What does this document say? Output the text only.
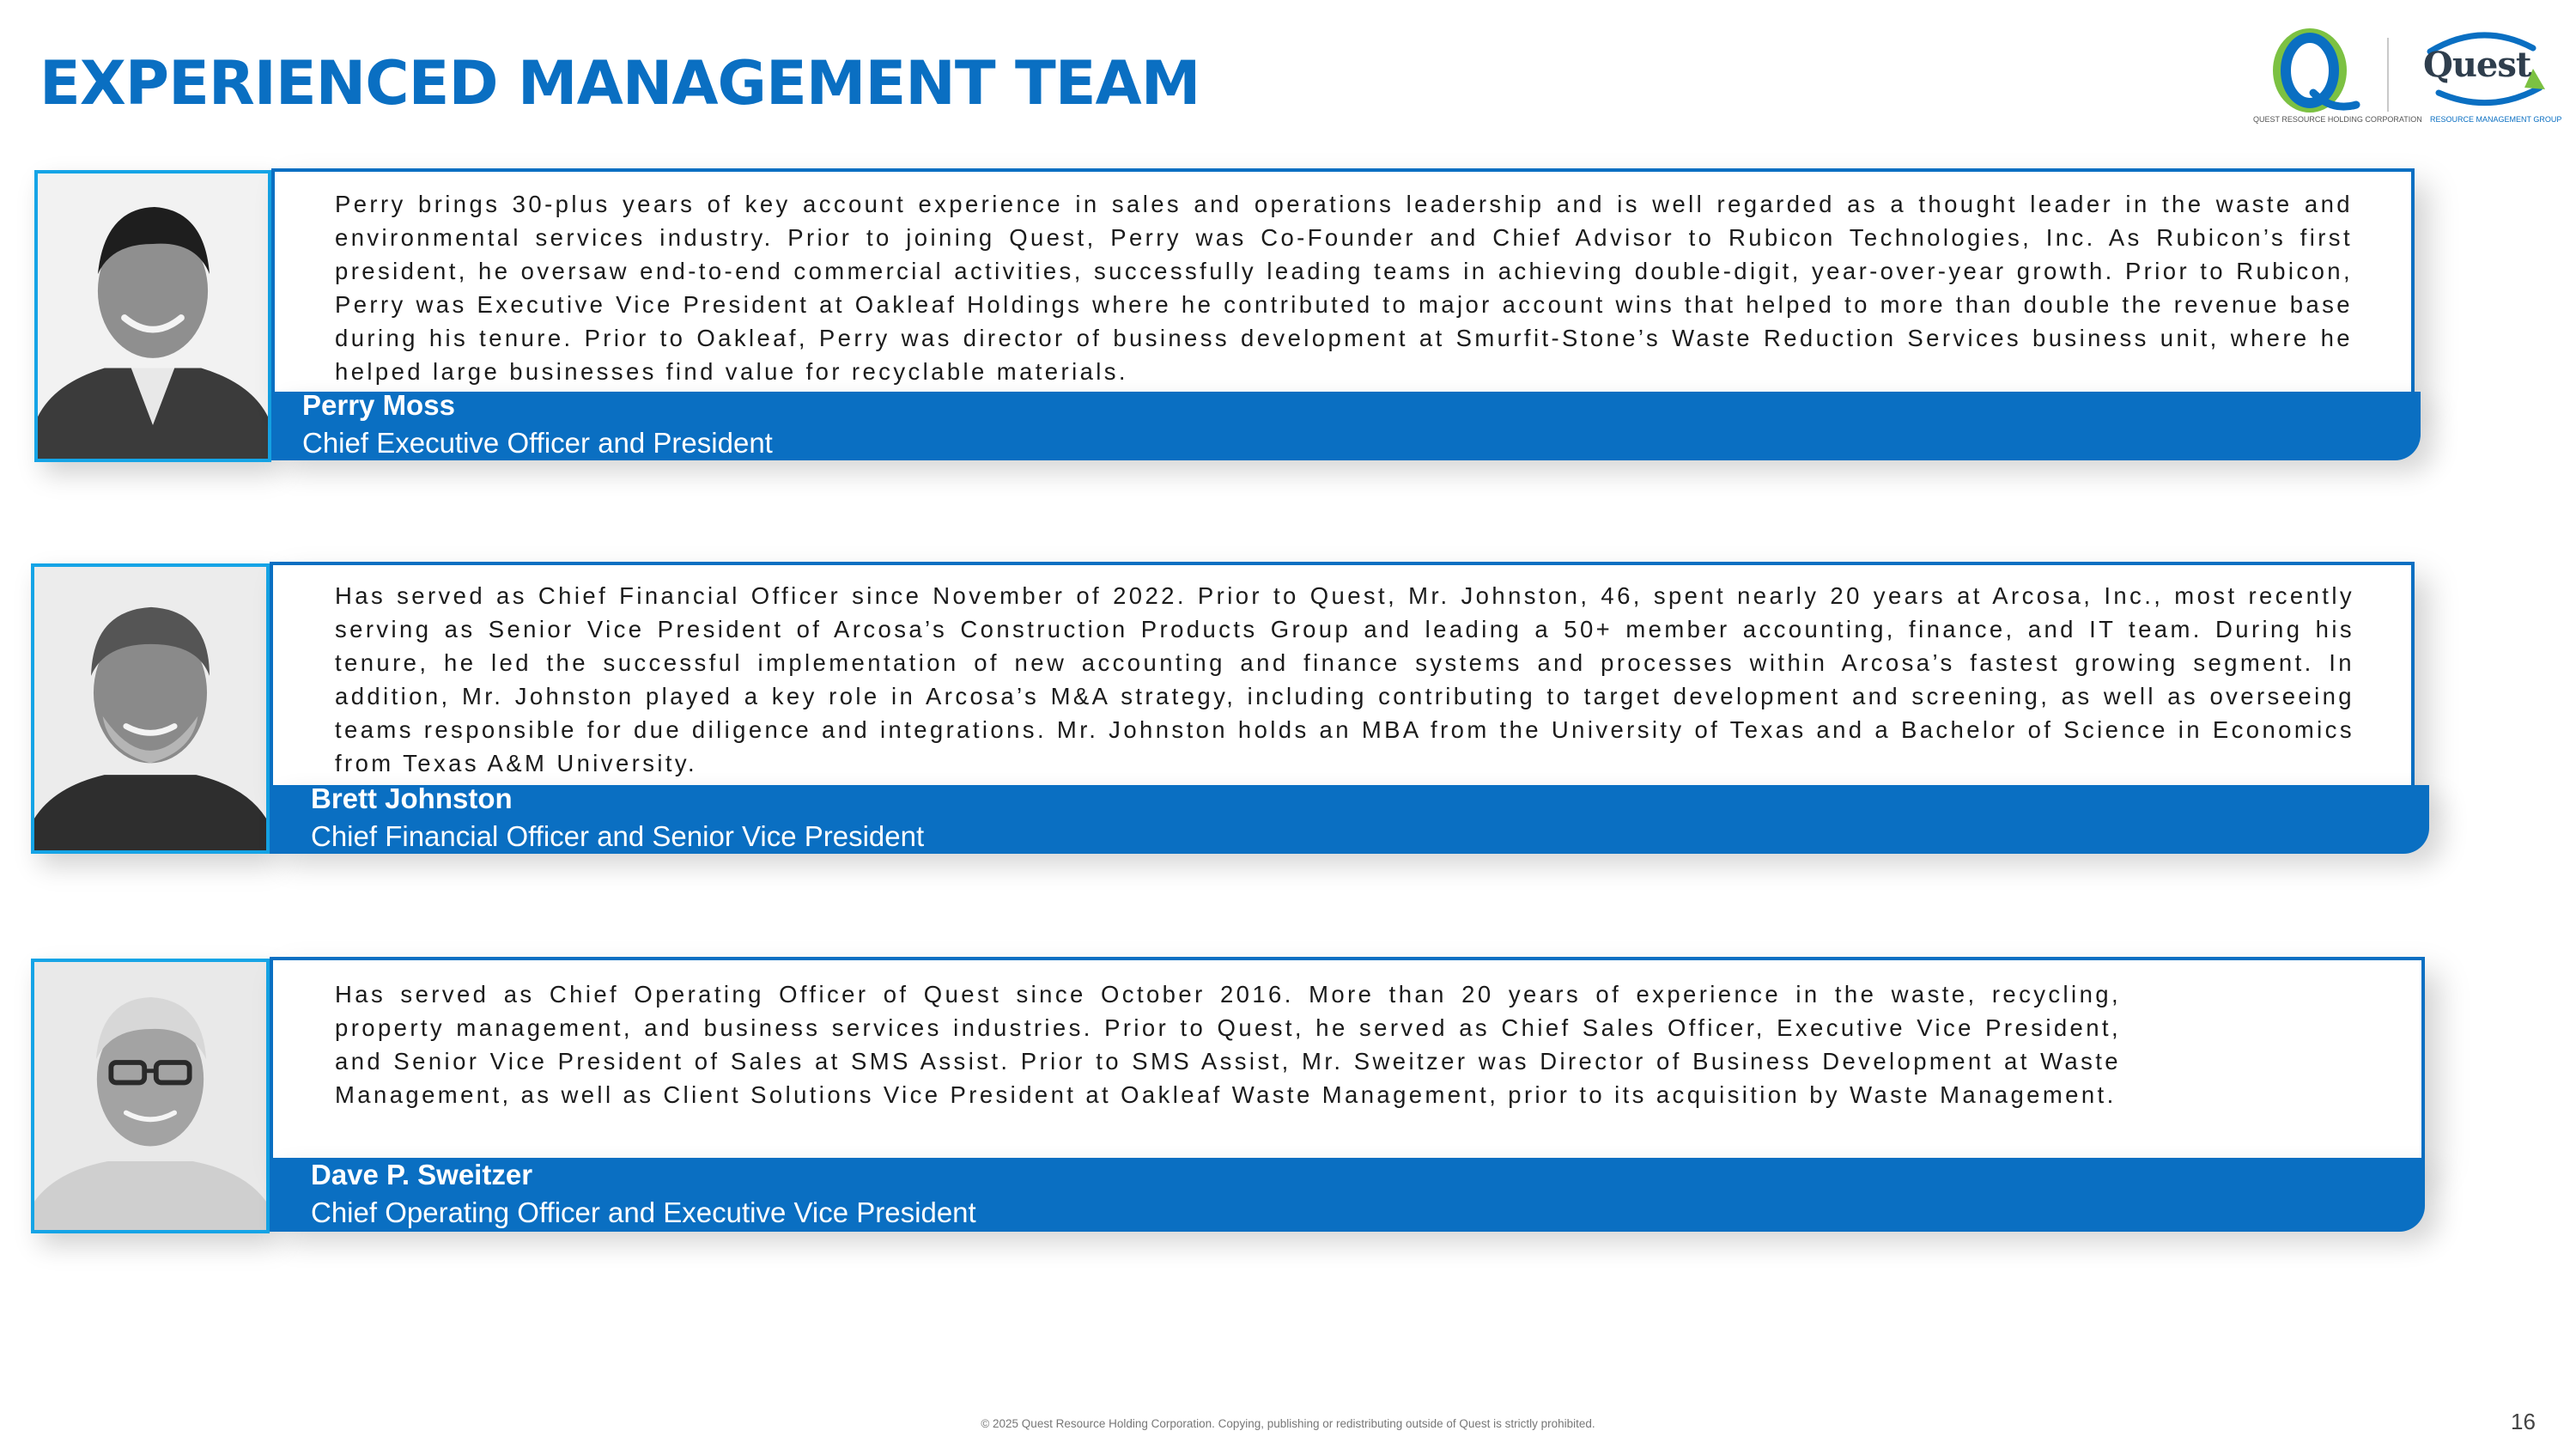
EXPERIENCED MANAGEMENT TEAM
QUEST RESOURCE HOLDING CORPORATION
Quest
RESOURCE MANAGEMENT GROUP

Perry brings 30-plus years of key account experience in sales and operations leadership and is well regarded as a thought leader in the waste and environmental services industry. Prior to joining Quest, Perry was Co-Founder and Chief Advisor to Rubicon Technologies, Inc. As Rubicon’s first president, he oversaw end-to-end commercial activities, successfully leading teams in achieving double-digit, year-over-year growth. Prior to Rubicon, Perry was Executive Vice President at Oakleaf Holdings where he contributed to major account wins that helped to more than double the revenue base during his tenure. Prior to Oakleaf, Perry was director of business development at Smurfit-Stone’s Waste Reduction Services business unit, where he helped large businesses find value for recyclable materials.

Perry Moss
Chief Executive Officer and President

Has served as Chief Financial Officer since November of 2022. Prior to Quest, Mr. Johnston, 46, spent nearly 20 years at Arcosa, Inc., most recently serving as Senior Vice President of Arcosa’s Construction Products Group and leading a 50+ member accounting, finance, and IT team. During his tenure, he led the successful implementation of new accounting and finance systems and processes within Arcosa’s fastest growing segment. In addition, Mr. Johnston played a key role in Arcosa’s M&A strategy, including contributing to target development and screening, as well as overseeing teams responsible for due diligence and integrations. Mr. Johnston holds an MBA from the University of Texas and a Bachelor of Science in Economics from Texas A&M University.

Brett Johnston
Chief Financial Officer and Senior Vice President

Has served as Chief Operating Officer of Quest since October 2016. More than 20 years of experience in the waste, recycling, property management, and business services industries. Prior to Quest, he served as Chief Sales Officer, Executive Vice President, and Senior Vice President of Sales at SMS Assist. Prior to SMS Assist, Mr. Sweitzer was Director of Business Development at Waste Management, as well as Client Solutions Vice President at Oakleaf Waste Management, prior to its acquisition by Waste Management.

Dave P. Sweitzer
Chief Operating Officer and Executive Vice President
© 2025 Quest Resource Holding Corporation. Copying, publishing or redistributing outside of Quest is strictly prohibited.	16
